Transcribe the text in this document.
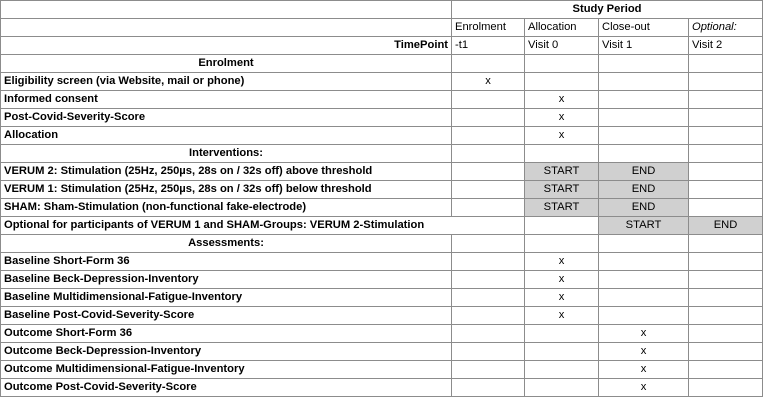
	Study Period			
	Enrolment	Allocation	Close-out	Optional:
TimePoint	-t1	Visit 0	Visit 1	Visit 2
Enrolment				
Eligibility screen (via Website, mail or phone)	x			
Informed consent		x		
Post-Covid-Severity-Score		x		
Allocation		x		
Interventions:				
VERUM 2: Stimulation (25Hz, 250µs, 28s on / 32s off) above threshold		START	END	
VERUM 1: Stimulation (25Hz, 250µs, 28s on / 32s off) below threshold		START	END	
SHAM: Sham-Stimulation (non-functional fake-electrode)		START	END	
Optional for participants of VERUM 1 and SHAM-Groups: VERUM 2-Stimulation			START	END
Assessments:				
Baseline Short-Form 36		x		
Baseline Beck-Depression-Inventory		x		
Baseline Multidimensional-Fatigue-Inventory		x		
Baseline Post-Covid-Severity-Score		x		
Outcome Short-Form 36			x	
Outcome Beck-Depression-Inventory			x	
Outcome Multidimensional-Fatigue-Inventory			x	
Outcome Post-Covid-Severity-Score			x	
